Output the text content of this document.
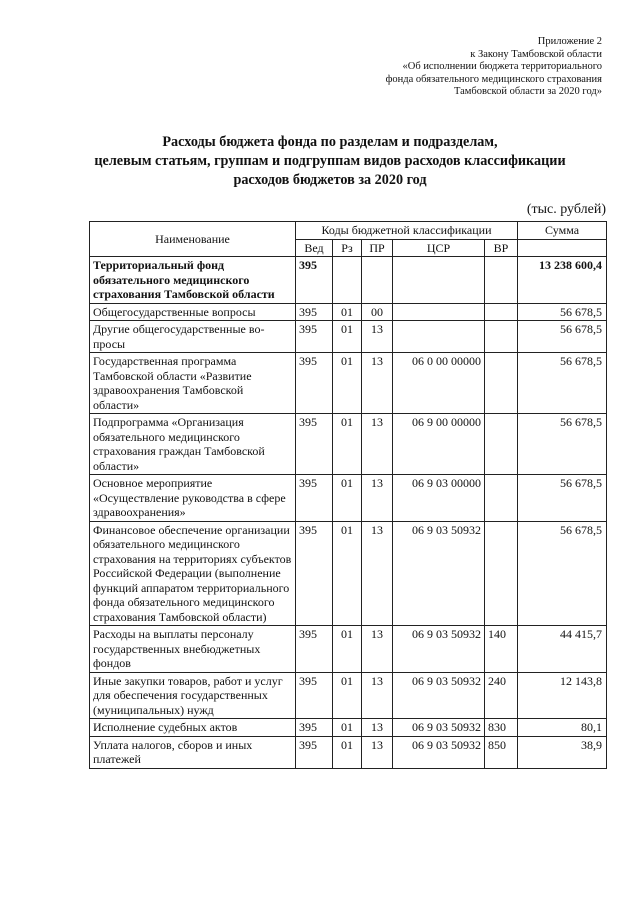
Приложение 2
к Закону Тамбовской области
«Об исполнении бюджета территориального
фонда обязательного медицинского страхования
Тамбовской области за 2020 год»
Расходы бюджета фонда по разделам и подразделам,
целевым статьям, группам и подгруппам видов расходов классификации
расходов бюджетов за 2020 год
(тыс. рублей)
Наименование	Коды бюджетной классификации					Сумма
	Вед	Рз	ПР	ЦСР	ВР	
Территориальный фонд обязательного медицинского страхования Тамбовской области	395					13 238 600,4
Общегосударственные вопросы	395	01	00			56 678,5
Другие общегосударственные во-просы	395	01	13			56 678,5
Государственная программа Тамбовской области «Развитие здравоохранения Тамбовской области»	395	01	13	06 0 00 00000		56 678,5
Подпрограмма «Организация обязательного медицинского страхования граждан Тамбовской области»	395	01	13	06 9 00 00000		56 678,5
Основное мероприятие «Осуществление руководства в сфере здравоохранения»	395	01	13	06 9 03 00000		56 678,5
Финансовое обеспечение организации обязательного медицинского страхования на территориях субъектов Российской Федерации (выполнение функций аппаратом территориального фонда обязательного медицинского страхования Тамбовской области)	395	01	13	06 9 03 50932		56 678,5
Расходы на выплаты персоналу государственных внебюджетных фондов	395	01	13	06 9 03 50932	140	44 415,7
Иные закупки товаров, работ и услуг для обеспечения государственных (муниципальных) нужд	395	01	13	06 9 03 50932	240	12 143,8
Исполнение судебных актов	395	01	13	06 9 03 50932	830	80,1
Уплата налогов, сборов и иных платежей	395	01	13	06 9 03 50932	850	38,9
